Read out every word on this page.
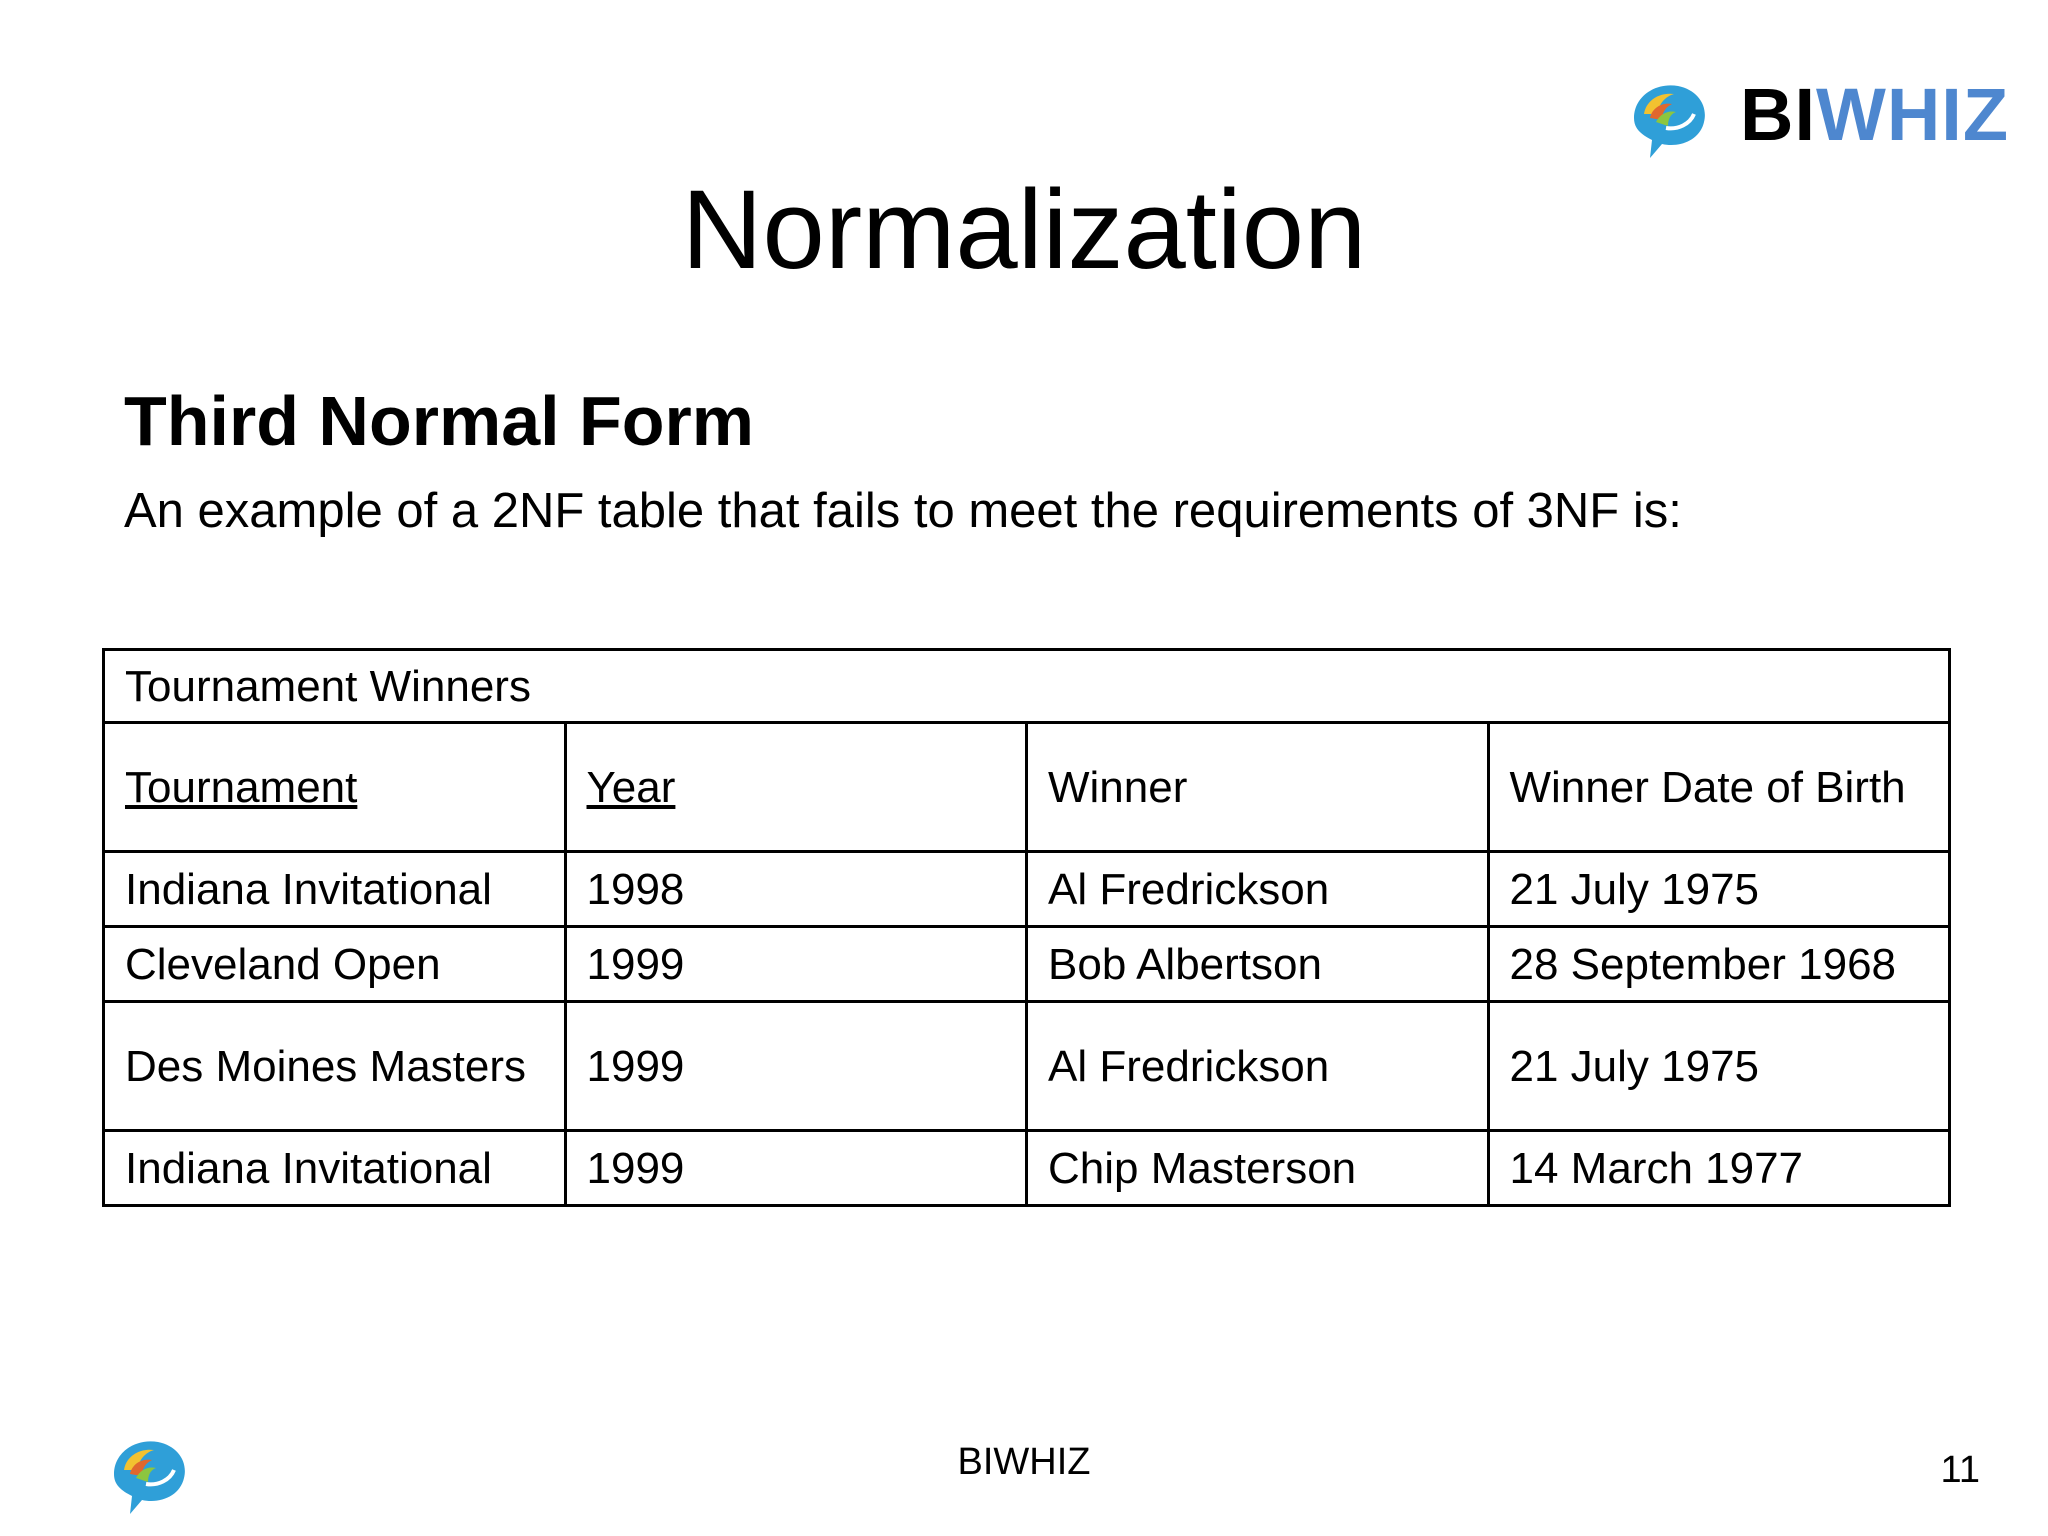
BIWHIZ
Normalization
Third Normal Form
An example of a 2NF table that fails to meet the requirements of 3NF is:
Tournament Winners			
Tournament	Year	Winner	Winner Date of Birth
Indiana Invitational	1998	Al Fredrickson	21 July 1975
Cleveland Open	1999	Bob Albertson	28 September 1968
Des Moines Masters	1999	Al Fredrickson	21 July 1975
Indiana Invitational	1999	Chip Masterson	14 March 1977
BIWHIZ	11
